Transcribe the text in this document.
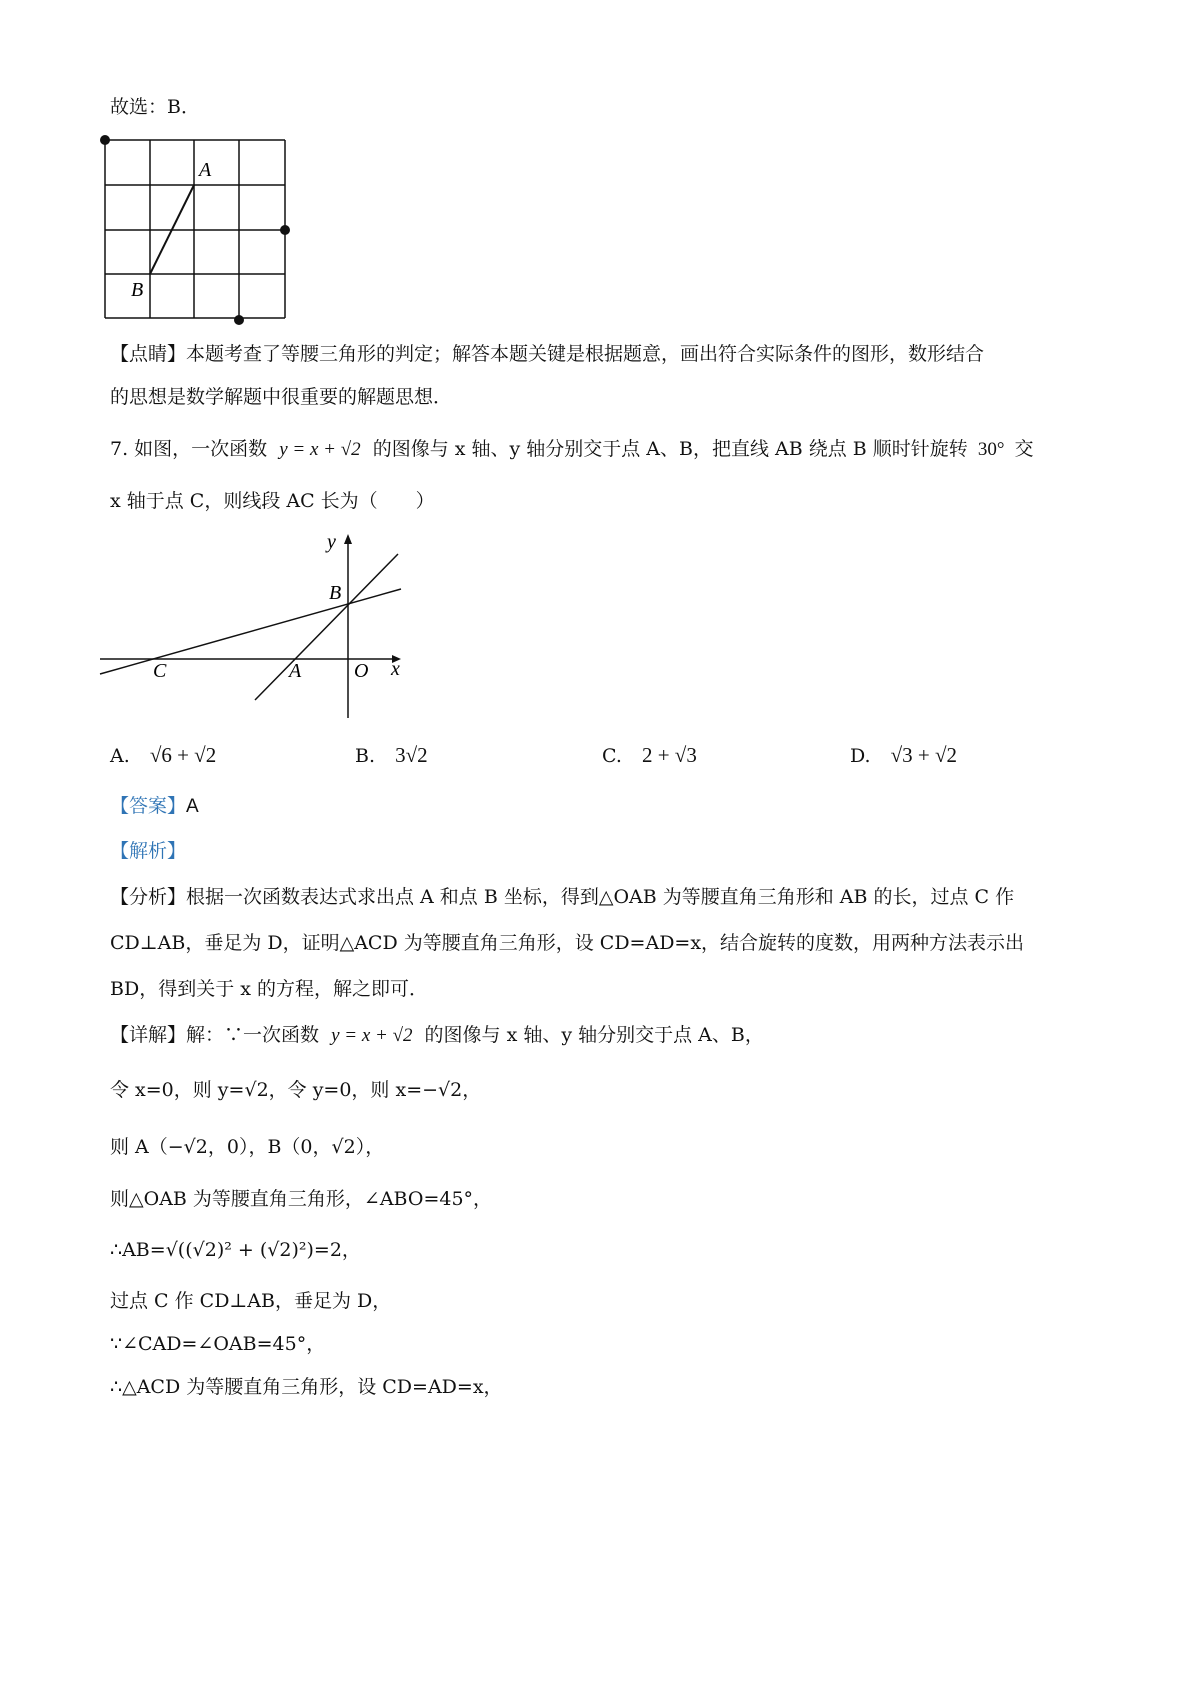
故选：B．
A
B
【点睛】本题考查了等腰三角形的判定；解答本题关键是根据题意，画出符合实际条件的图形，数形结合
的思想是数学解题中很重要的解题思想．
7. 如图，一次函数 y = x + √2 的图像与 x 轴、y 轴分别交于点 A、B，把直线 AB 绕点 B 顺时针旋转 30° 交
x 轴于点 C，则线段 AC 长为（　　）
y
x
B
C	A	O
A. √6 + √2	B. 3√2	C. 2 + √3	D. √3 + √2
【答案】A
【解析】
【分析】根据一次函数表达式求出点 A 和点 B 坐标，得到△OAB 为等腰直角三角形和 AB 的长，过点 C 作
CD⊥AB，垂足为 D，证明△ACD 为等腰直角三角形，设 CD=AD=x，结合旋转的度数，用两种方法表示出
BD，得到关于 x 的方程，解之即可．
【详解】解：∵一次函数 y = x + √2 的图像与 x 轴、y 轴分别交于点 A、B，
令 x=0，则 y=√2，令 y=0，则 x=−√2，
则 A（−√2，0），B（0，√2），
则△OAB 为等腰直角三角形，∠ABO=45°，
∴AB=√((√2)² + (√2)²)=2，
过点 C 作 CD⊥AB，垂足为 D，
∵∠CAD=∠OAB=45°，
∴△ACD 为等腰直角三角形，设 CD=AD=x，
